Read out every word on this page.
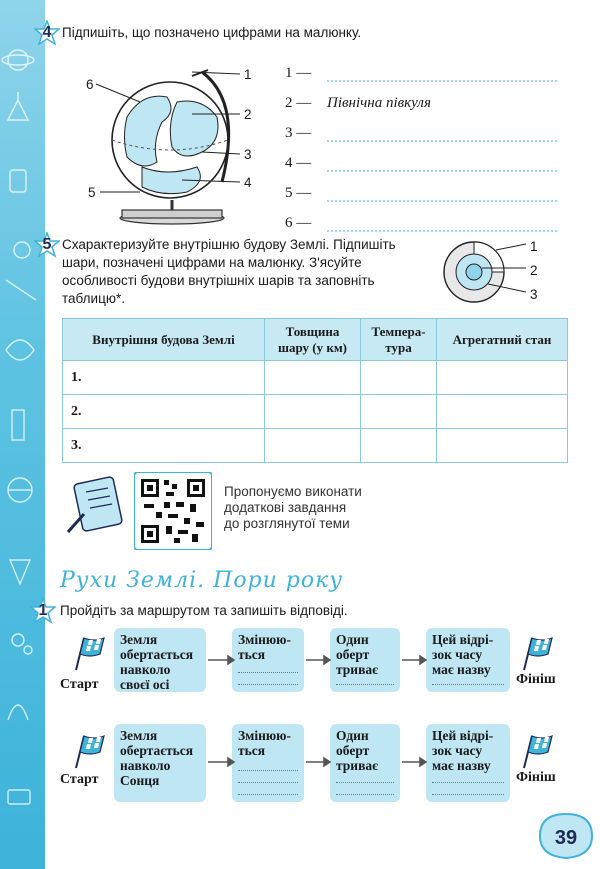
4 Підпишіть, що позначено цифрами на малюнку.
6
1
2
3
4
5
1 —
2 —	Північна півкуля
3 —
4 —
5 —
6 —
5 Схарактеризуйте внутрішню будову Землі. Підпишіть
шари, позначені цифрами на малюнку. З'ясуйте
особливості будови внутрішніх шарів та заповніть
таблицю*.
1
2
3
Внутрішня будова Землі	Товщина шару (у км)	Темпера-тура	Агрегатний стан
1.			
2.			
3.			
Пропонуємо виконати
додаткові завдання
до розглянутої теми
Рухи Землі. Пори року
1 Пройдіть за маршрутом та запишіть відповіді.
Старт
Земля
обертається
навколо
своєї осі
Змінюю-
ться
Один
оберт
триває
Цей відрі-
зок часу
має назву
Фініш
Старт
Земля
обертається
навколо
Сонця
Змінюю-
ться
Один
оберт
триває
Цей відрі-
зок часу
має назву
Фініш
39
